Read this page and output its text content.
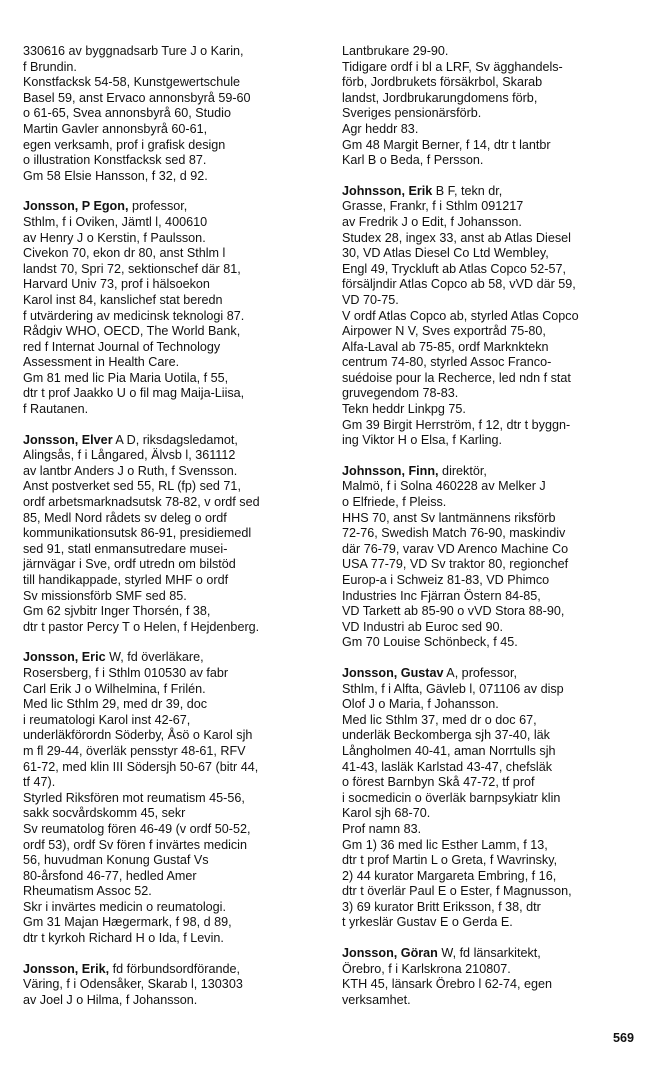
330616 av byggnadsarb Ture J o Karin,

f Brundin.

Konstfacksk 54-58, Kunstgewertschule

Basel 59, anst Ervaco annonsbyrå 59-60

o 61-65, Svea annonsbyrå 60, Studio

Martin Gavler annonsbyrå 60-61,

egen verksamh, prof i grafisk design

o illustration Konstfacksk sed 87.

Gm 58 Elsie Hansson, f 32, d 92.

Jonsson, P Egon, professor,

Sthlm, f i Oviken, Jämtl l, 400610

av Henry J o Kerstin, f Paulsson.

Civekon 70, ekon dr 80, anst Sthlm l

landst 70, Spri 72, sektionschef där 81,

Harvard Univ 73, prof i hälsoekon

Karol inst 84, kanslichef stat beredn

f utvärdering av medicinsk teknologi 87.

Rådgiv WHO, OECD, The World Bank,

red f Internat Journal of Technology

Assessment in Health Care.

Gm 81 med lic Pia Maria Uotila, f 55,

dtr t prof Jaakko U o fil mag Maija-Liisa,

f Rautanen.

Jonsson, Elver A D, riksdagsledamot,

Alingsås, f i Långared, Älvsb l, 361112

av lantbr Anders J o Ruth, f Svensson.

Anst postverket sed 55, RL (fp) sed 71,

ordf arbetsmarknadsutsk 78-82, v ordf sed

85, Medl Nord rådets sv deleg o ordf

kommunikationsutsk 86-91, presidiemedl

sed 91, statl enmansutredare musei-

järnvägar i Sve, ordf utredn om bilstöd

till handikappade, styrled MHF o ordf

Sv missionsförb SMF sed 85.

Gm 62 sjvbitr Inger Thorsén, f 38,

dtr t pastor Percy T o Helen, f Hejdenberg.

Jonsson, Eric W, fd överläkare,

Rosersberg, f i Sthlm 010530 av fabr

Carl Erik J o Wilhelmina, f Frilén.

Med lic Sthlm 29, med dr 39, doc

i reumatologi Karol inst 42-67,

underläkförordn Söderby, Åsö o Karol sjh

m fl 29-44, överläk pensstyr 48-61, RFV

61-72, med klin III Södersjh 50-67 (bitr 44,

tf 47).

Styrled Riksfören mot reumatism 45-56,

sakk socvårdskomm 45, sekr

Sv reumatolog fören 46-49 (v ordf 50-52,

ordf 53), ordf Sv fören f invärtes medicin

56, huvudman Konung Gustaf Vs

80-årsfond 46-77, hedled Amer

Rheumatism Assoc 52.

Skr i invärtes medicin o reumatologi.

Gm 31 Majan Hægermark, f 98, d 89,

dtr t kyrkoh Richard H o Ida, f Levin.

Jonsson, Erik, fd förbundsordförande,

Väring, f i Odensåker, Skarab l, 130303

av Joel J o Hilma, f Johansson.

Lantbrukare 29-90.

Tidigare ordf i bl a LRF, Sv ägghandels-

förb, Jordbrukets försäkrbol, Skarab

landst, Jordbrukarungdomens förb,

Sveriges pensionärsförb.

Agr heddr 83.

Gm 48 Margit Berner, f 14, dtr t lantbr

Karl B o Beda, f Persson.

Johnsson, Erik B F, tekn dr,

Grasse, Frankr, f i Sthlm 091217

av Fredrik J o Edit, f Johansson.

Studex 28, ingex 33, anst ab Atlas Diesel

30, VD Atlas Diesel Co Ltd Wembley,

Engl 49, Tryckluft ab Atlas Copco 52-57,

försäljndir Atlas Copco ab 58, vVD där 59,

VD 70-75.

V ordf Atlas Copco ab, styrled Atlas Copco

Airpower N V, Sves exportråd 75-80,

Alfa-Laval ab 75-85, ordf Marknktekn

centrum 74-80, styrled Assoc Franco-

suédoise pour la Recherce, led ndn f stat

gruvegendom 78-83.

Tekn heddr Linkpg 75.

Gm 39 Birgit Herrström, f 12, dtr t byggn-

ing Viktor H o Elsa, f Karling.

Johnsson, Finn, direktör,

Malmö, f i Solna 460228 av Melker J

o Elfriede, f Pleiss.

HHS 70, anst Sv lantmännens riksförb

72-76, Swedish Match 76-90, maskindiv

där 76-79, varav VD Arenco Machine Co

USA 77-79, VD Sv traktor 80, regionchef

Europ-a i Schweiz 81-83, VD Phimco

Industries Inc Fjärran Östern 84-85,

VD Tarkett ab 85-90 o vVD Stora 88-90,

VD Industri ab Euroc sed 90.

Gm 70 Louise Schönbeck, f 45.

Jonsson, Gustav A, professor,

Sthlm, f i Alfta, Gävleb l, 071106 av disp

Olof J o Maria, f Johansson.

Med lic Sthlm 37, med dr o doc 67,

underläk Beckomberga sjh 37-40, läk

Långholmen 40-41, aman Norrtulls sjh

41-43, lasläk Karlstad 43-47, chefsläk

o förest Barnbyn Skå 47-72, tf prof

i socmedicin o överläk barnpsykiatr klin

Karol sjh 68-70.

Prof namn 83.

Gm 1) 36 med lic Esther Lamm, f 13,

dtr t prof Martin L o Greta, f Wavrinsky,

2) 44 kurator Margareta Embring, f 16,

dtr t överlär Paul E o Ester, f Magnusson,

3) 69 kurator Britt Eriksson, f 38, dtr

t yrkeslär Gustav E o Gerda E.

Jonsson, Göran W, fd länsarkitekt,

Örebro, f i Karlskrona 210807.

KTH 45, länsark Örebro l 62-74, egen

verksamhet.

569
